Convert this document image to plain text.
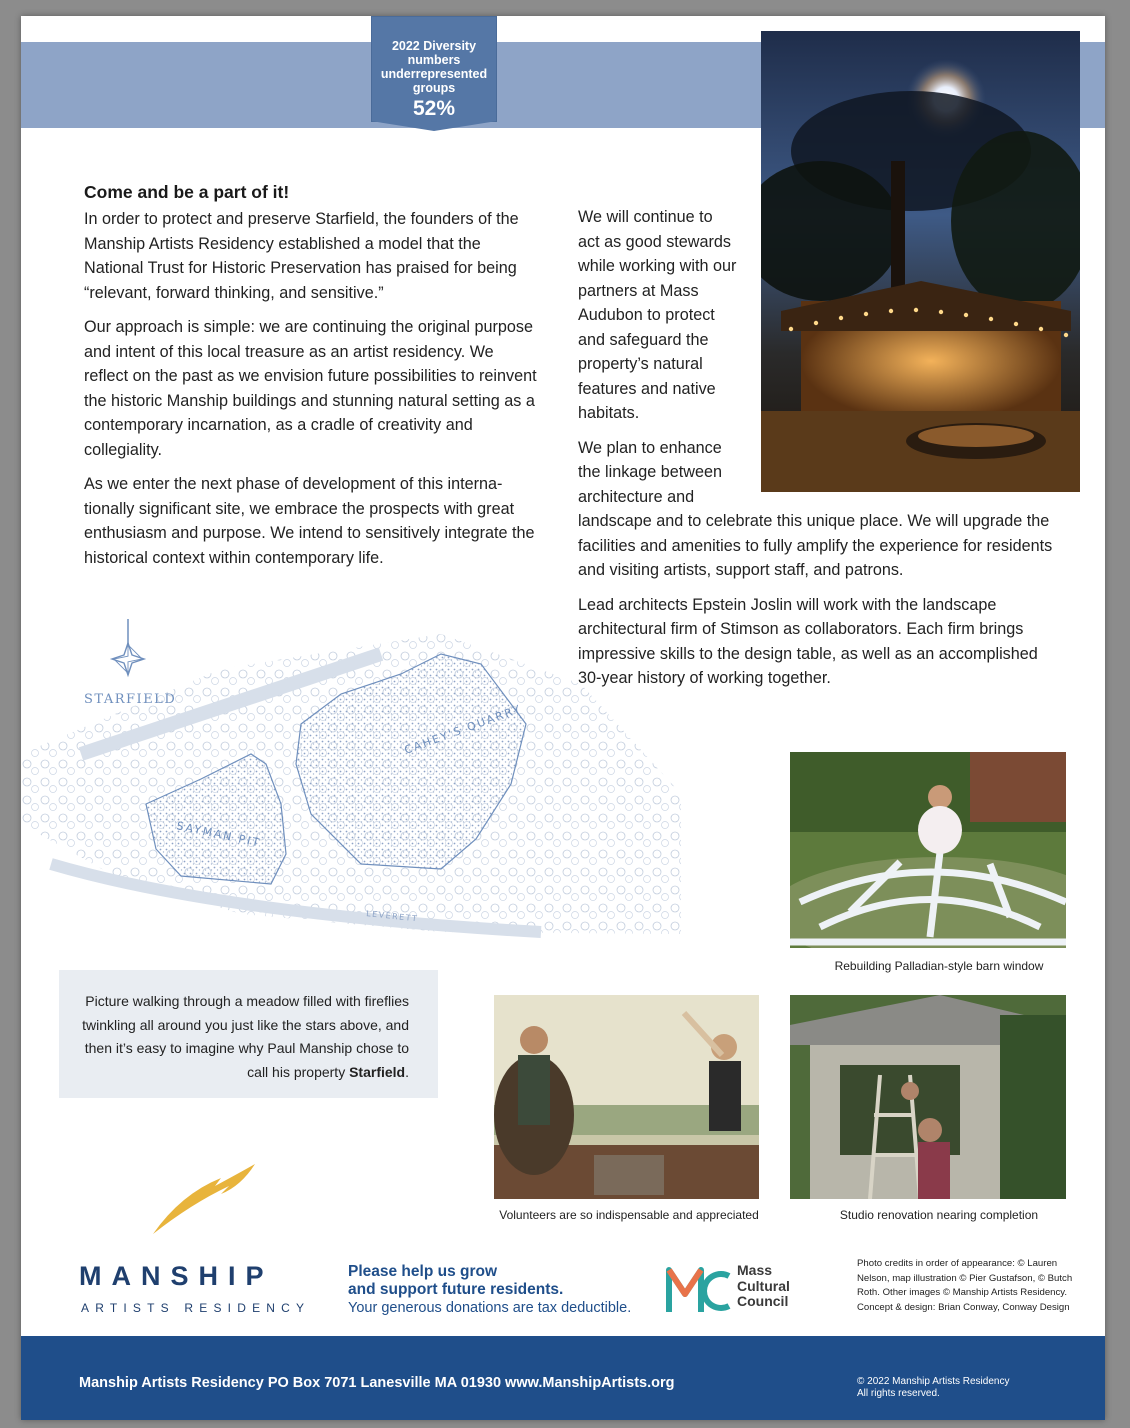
2022 Diversity numbers underrepresented groups
52%
Come and be a part of it!

In order to protect and preserve Starfield, the founders of the Manship Artists Residency established a model that the National Trust for Historic Preservation has praised for being “relevant, forward thinking, and sensitive.”

Our approach is simple: we are continuing the original purpose and intent of this local treasure as an artist residency. We reflect on the past as we envision future possibilities to reinvent the historic Manship buildings and stunning natural setting as a contemporary incarnation, as a cradle of creativity and collegiality.

As we enter the next phase of development of this interna-tionally significant site, we embrace the prospects with great enthusiasm and purpose. We intend to sensitively integrate the historical context within contemporary life.

We will continue to act as good stewards while working with our partners at Mass Audubon to protect and safeguard the property’s natural features and native habitats.

We plan to enhance the linkage between architecture and

landscape and to celebrate this unique place. We will upgrade the facilities and amenities to fully amplify the experience for residents and visiting artists, support staff, and patrons.

Lead architects Epstein Joslin will work with the landscape architectural firm of Stimson as collaborators. Each firm brings impressive skills to the design table, as well as an accomplished 30-year history of working together.

CAHEY'S QUARRY
SAYMAN PIT
LEVERETT
STARFIELD
Rebuilding Palladian-style barn window

Picture walking through a meadow filled with fireflies twinkling all around you just like the stars above, and then it’s easy to imagine why Paul Manship chose to call his property Starfield.

Volunteers are so indispensable and appreciated	Studio renovation nearing completion
MANSHIP
ARTISTS RESIDENCY
Please help us grow
and support future residents.
Your generous donations are tax deductible.
Mass
Cultural
Council

Photo credits in order of appearance: © Lauren Nelson, map illustration © Pier Gustafson, © Butch Roth. Other images © Manship Artists Residency.

Concept & design: Brian Conway, Conway Design

Manship Artists Residency PO Box 7071 Lanesville MA 01930 www.ManshipArtists.org	© 2022 Manship Artists Residency
All rights reserved.
